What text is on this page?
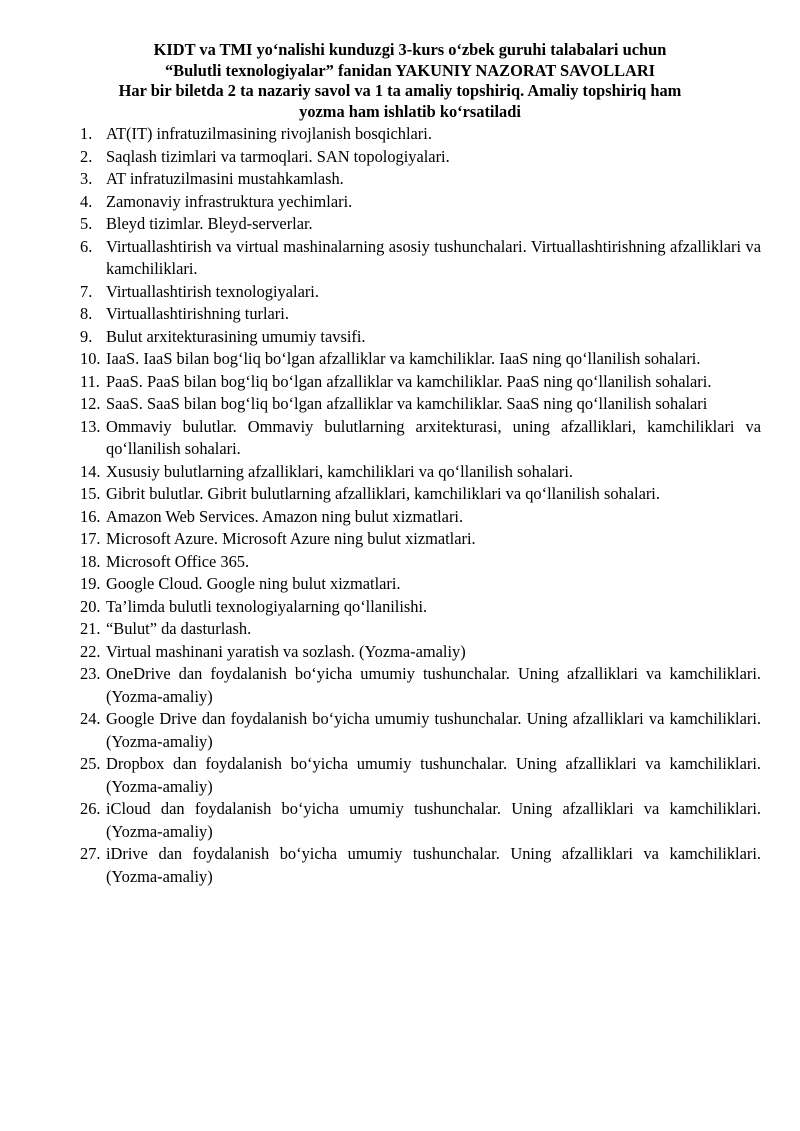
KIDT va TMI yo‘nalishi kunduzgi 3-kurs o‘zbek guruhi talabalari uchun
“Bulutli texnologiyalar” fanidan YAKUNIY NAZORAT SAVOLLARI
Har bir biletda 2 ta nazariy savol va 1 ta amaliy topshiriq. Amaliy topshiriq ham
yozma ham ishlatib ko‘rsatiladi
1. AT(IT) infratuzilmasining rivojlanish bosqichlari.
2. Saqlash tizimlari va tarmoqlari. SAN topologiyalari.
3. AT infratuzilmasini mustahkamlash.
4. Zamonaviy infrastruktura yechimlari.
5. Bleyd tizimlar. Bleyd-serverlar.
6. Virtuallashtirish va virtual mashinalarning asosiy tushunchalari. Virtuallashtirishning afzalliklari va kamchiliklari.
7. Virtuallashtirish texnologiyalari.
8. Virtuallashtirishning turlari.
9. Bulut arxitekturasining umumiy tavsifi.
10. IaaS. IaaS bilan bog‘liq bo‘lgan afzalliklar va kamchiliklar. IaaS ning qo‘llanilish sohalari.
11. PaaS. PaaS bilan bog‘liq bo‘lgan afzalliklar va kamchiliklar. PaaS ning qo‘llanilish sohalari.
12. SaaS. SaaS bilan bog‘liq bo‘lgan afzalliklar va kamchiliklar. SaaS ning qo‘llanilish sohalari
13. Ommaviy bulutlar. Ommaviy bulutlarning arxitekturasi, uning afzalliklari, kamchiliklari va qo‘llanilish sohalari.
14. Xususiy bulutlarning afzalliklari, kamchiliklari va qo‘llanilish sohalari.
15. Gibrit bulutlar. Gibrit bulutlarning afzalliklari, kamchiliklari va qo‘llanilish sohalari.
16. Amazon Web Services. Amazon ning bulut xizmatlari.
17. Microsoft Azure. Microsoft Azure ning bulut xizmatlari.
18. Microsoft Office 365.
19. Google Cloud. Google ning bulut xizmatlari.
20. Ta’limda bulutli texnologiyalarning qo‘llanilishi.
21. “Bulut” da dasturlash.
22. Virtual mashinani yaratish va sozlash. (Yozma-amaliy)
23. OneDrive dan foydalanish bo‘yicha umumiy tushunchalar. Uning afzalliklari va kamchiliklari. (Yozma-amaliy)
24. Google Drive dan foydalanish bo‘yicha umumiy tushunchalar. Uning afzalliklari va kamchiliklari. (Yozma-amaliy)
25. Dropbox dan foydalanish bo‘yicha umumiy tushunchalar. Uning afzalliklari va kamchiliklari. (Yozma-amaliy)
26. iCloud dan foydalanish bo‘yicha umumiy tushunchalar. Uning afzalliklari va kamchiliklari. (Yozma-amaliy)
27. iDrive dan foydalanish bo‘yicha umumiy tushunchalar. Uning afzalliklari va kamchiliklari. (Yozma-amaliy)
